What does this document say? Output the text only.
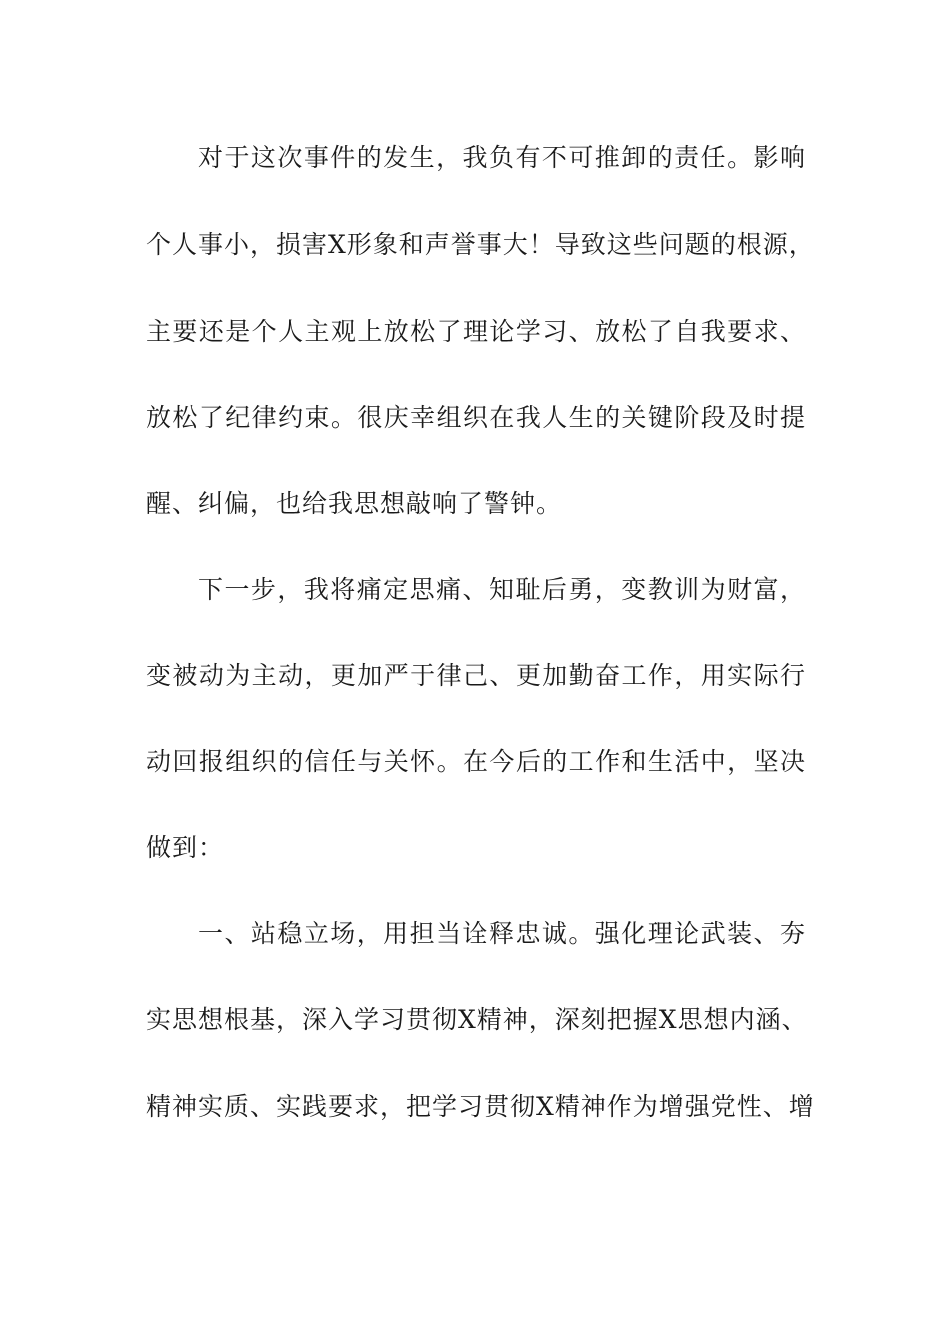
对于这次事件的发生，我负有不可推卸的责任。影响
个人事小，损害X形象和声誉事大！导致这些问题的根源，
主要还是个人主观上放松了理论学习、放松了自我要求、
放松了纪律约束。很庆幸组织在我人生的关键阶段及时提
醒、纠偏，也给我思想敲响了警钟。
下一步，我将痛定思痛、知耻后勇，变教训为财富，
变被动为主动，更加严于律己、更加勤奋工作，用实际行
动回报组织的信任与关怀。在今后的工作和生活中，坚决
做到：
一、站稳立场，用担当诠释忠诚。强化理论武装、夯
实思想根基，深入学习贯彻X精神，深刻把握X思想内涵、
精神实质、实践要求，把学习贯彻X精神作为增强党性、增
